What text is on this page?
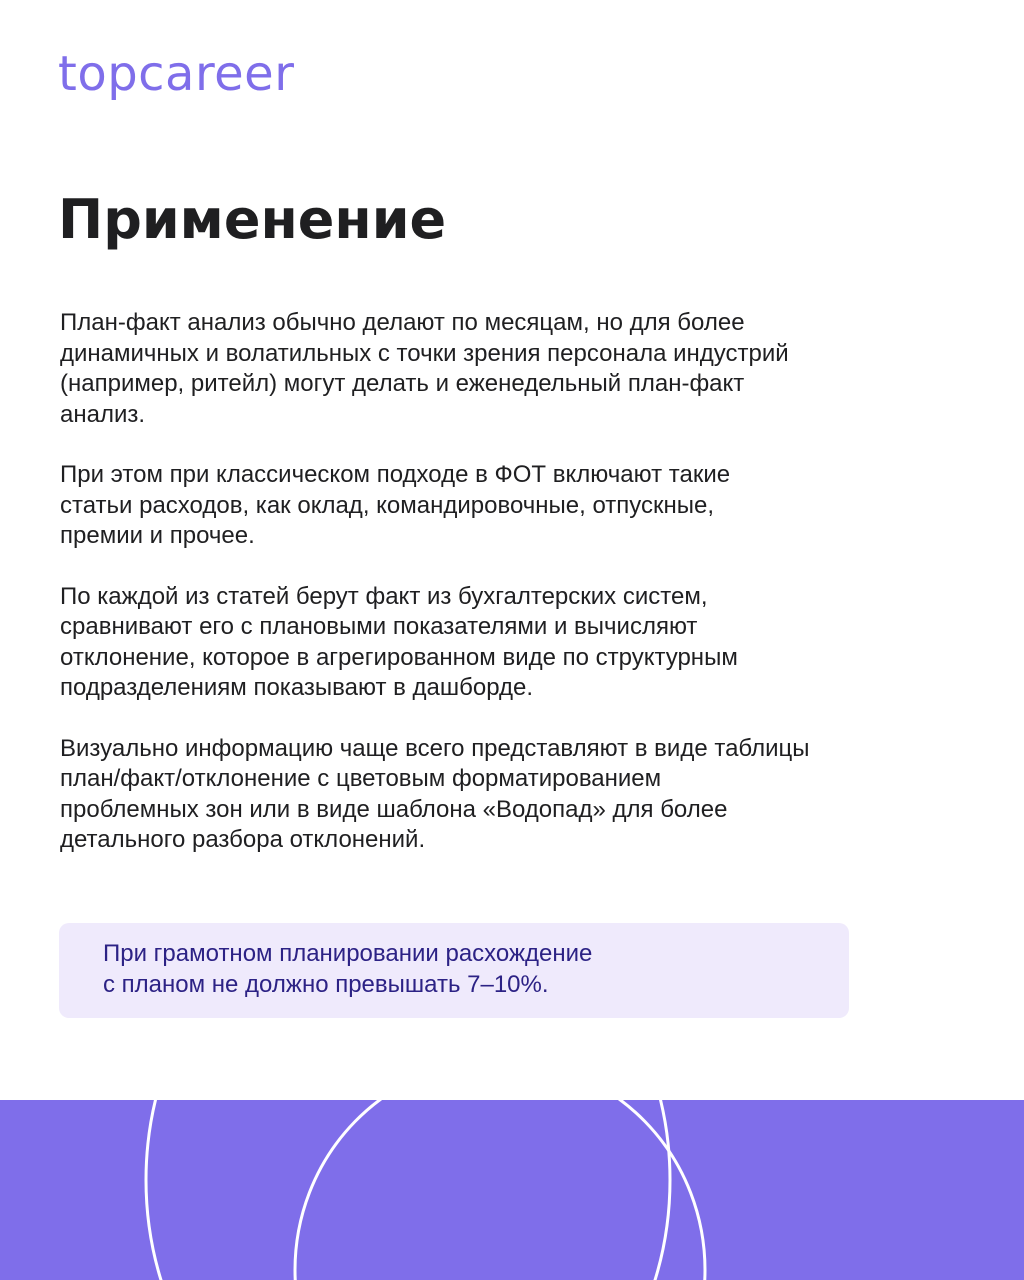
topcareer
Применение

План-факт анализ обычно делают по месяцам, но для более
динамичных и волатильных с точки зрения персонала индустрий
(например, ритейл) могут делать и еженедельный план-факт
анализ.

При этом при классическом подходе в ФОТ включают такие
статьи расходов, как оклад, командировочные, отпускные,
премии и прочее.

По каждой из статей берут факт из бухгалтерских систем,
сравнивают его с плановыми показателями и вычисляют
отклонение, которое в агрегированном виде по структурным
подразделениям показывают в дашборде.

Визуально информацию чаще всего представляют в виде таблицы
план/факт/отклонение с цветовым форматированием
проблемных зон или в виде шаблона «Водопад» для более
детального разбора отклонений.

При грамотном планировании расхождение
с планом не должно превышать 7–10%.
